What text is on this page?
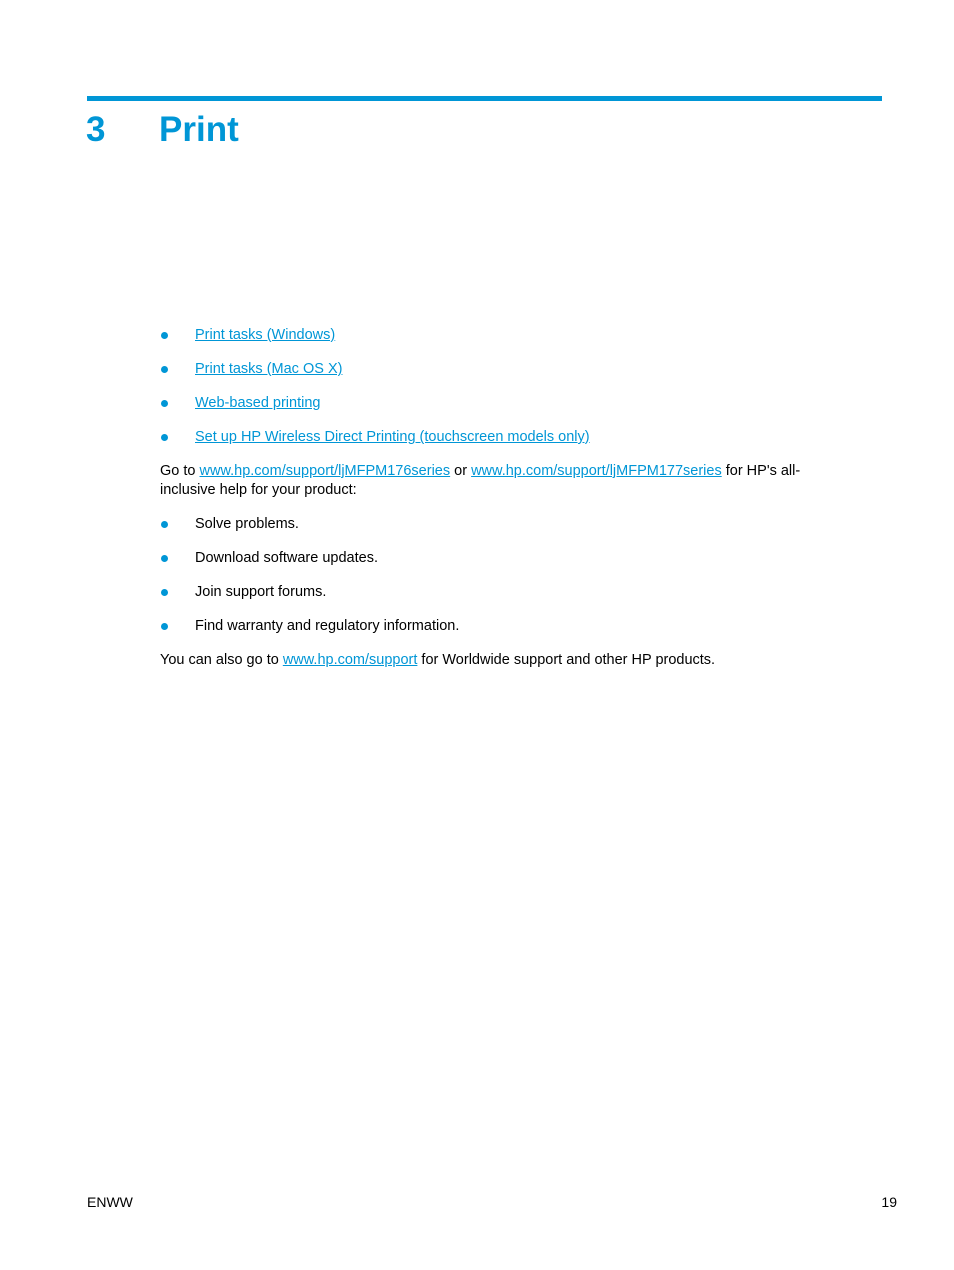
3 Print
Print tasks (Windows)
Print tasks (Mac OS X)
Web-based printing
Set up HP Wireless Direct Printing (touchscreen models only)

Go to www.hp.com/support/ljMFPM176series or www.hp.com/support/ljMFPM177series for HP's all-inclusive help for your product:

Solve problems.
Download software updates.
Join support forums.
Find warranty and regulatory information.

You can also go to www.hp.com/support for Worldwide support and other HP products.

ENWW	19
